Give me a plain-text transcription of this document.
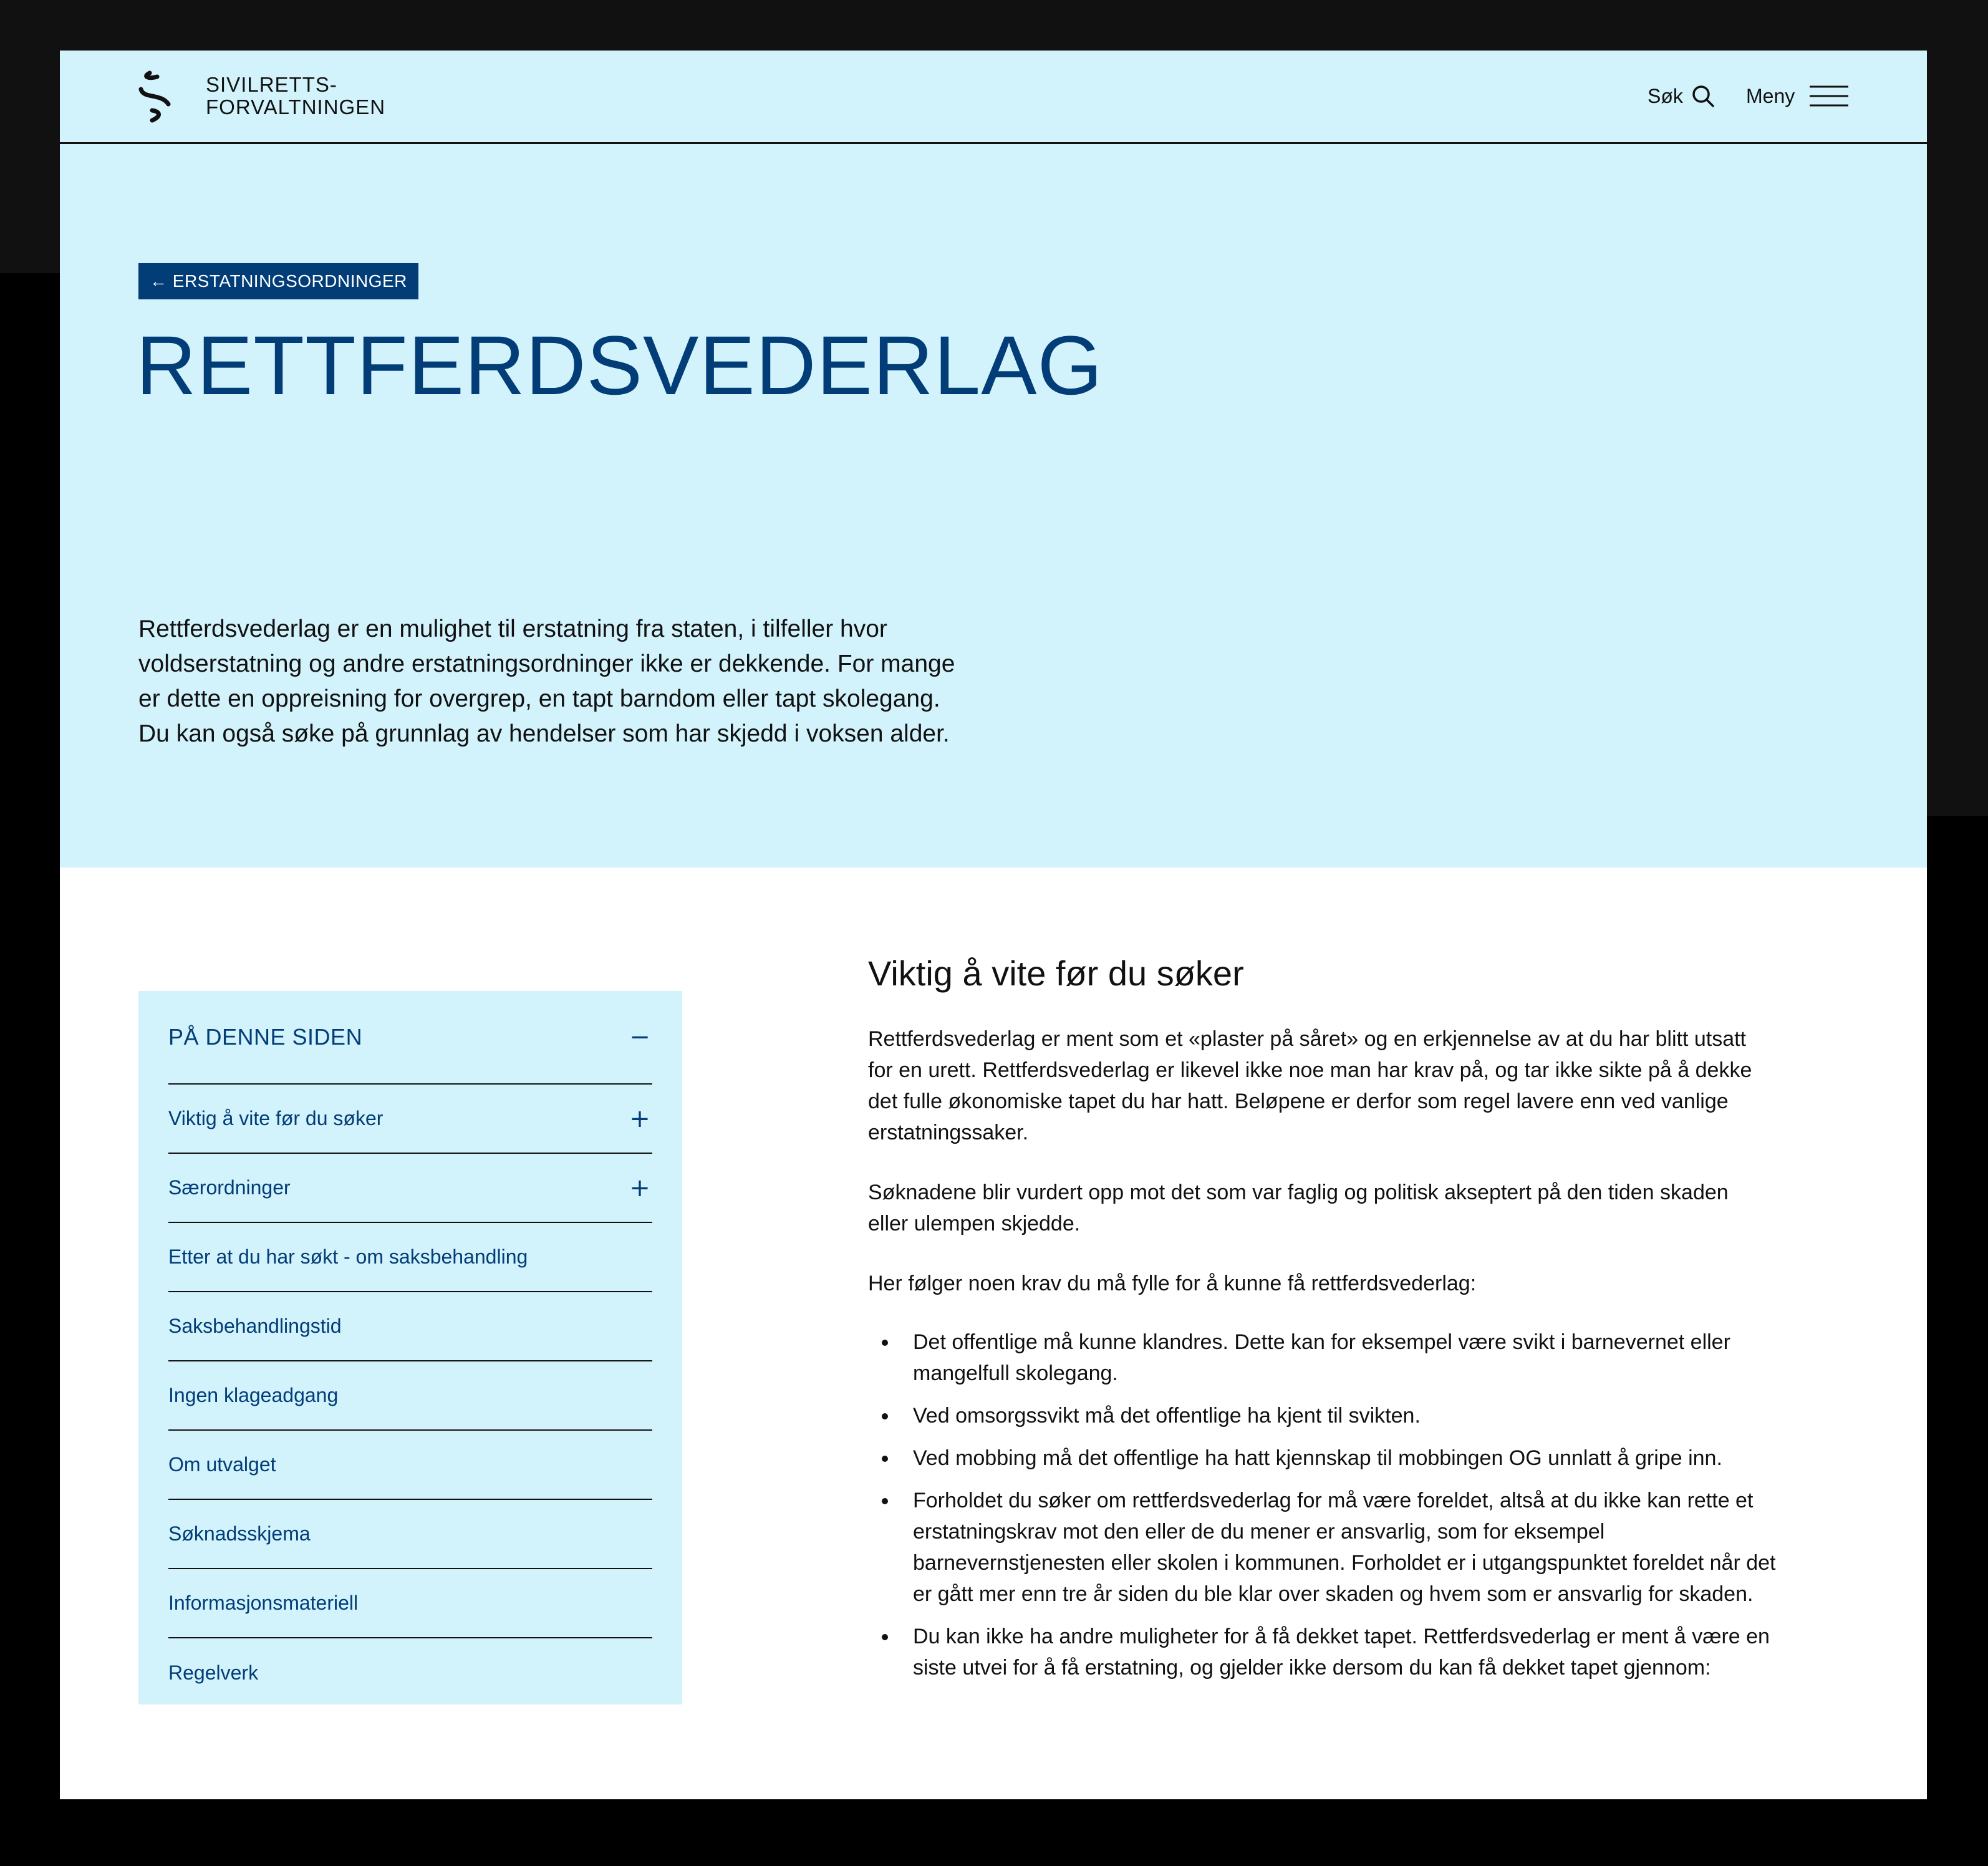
SIVILRETTS-
FORVALTNINGEN	Søk	Meny
← ERSTATNINGSORDNINGER
RETTFERDSVEDERLAG

Rettferdsvederlag er en mulighet til erstatning fra staten, i tilfeller hvor voldserstatning og andre erstatningsordninger ikke er dekkende. For mange er dette en oppreisning for overgrep, en tapt barndom eller tapt skolegang. Du kan også søke på grunnlag av hendelser som har skjedd i voksen alder.

PÅ DENNE SIDEN	−
Viktig å vite før du søker	+
Særordninger	+
Etter at du har søkt - om saksbehandling
Saksbehandlingstid
Ingen klageadgang
Om utvalget
Søknadsskjema
Informasjonsmateriell
Regelverk
Viktig å vite før du søker

Rettferdsvederlag er ment som et «plaster på såret» og en erkjennelse av at du har blitt utsatt for en urett. Rettferdsvederlag er likevel ikke noe man har krav på, og tar ikke sikte på å dekke det fulle økonomiske tapet du har hatt. Beløpene er derfor som regel lavere enn ved vanlige erstatningssaker.

Søknadene blir vurdert opp mot det som var faglig og politisk akseptert på den tiden skaden eller ulempen skjedde.

Her følger noen krav du må fylle for å kunne få rettferdsvederlag:

Det offentlige må kunne klandres. Dette kan for eksempel være svikt i barnevernet eller mangelfull skolegang.
Ved omsorgssvikt må det offentlige ha kjent til svikten.
Ved mobbing må det offentlige ha hatt kjennskap til mobbingen OG unnlatt å gripe inn.
Forholdet du søker om rettferdsvederlag for må være foreldet, altså at du ikke kan rette et erstatningskrav mot den eller de du mener er ansvarlig, som for eksempel barnevernstjenesten eller skolen i kommunen. Forholdet er i utgangspunktet foreldet når det er gått mer enn tre år siden du ble klar over skaden og hvem som er ansvarlig for skaden.
Du kan ikke ha andre muligheter for å få dekket tapet. Rettferdsvederlag er ment å være en siste utvei for å få erstatning, og gjelder ikke dersom du kan få dekket tapet gjennom:
